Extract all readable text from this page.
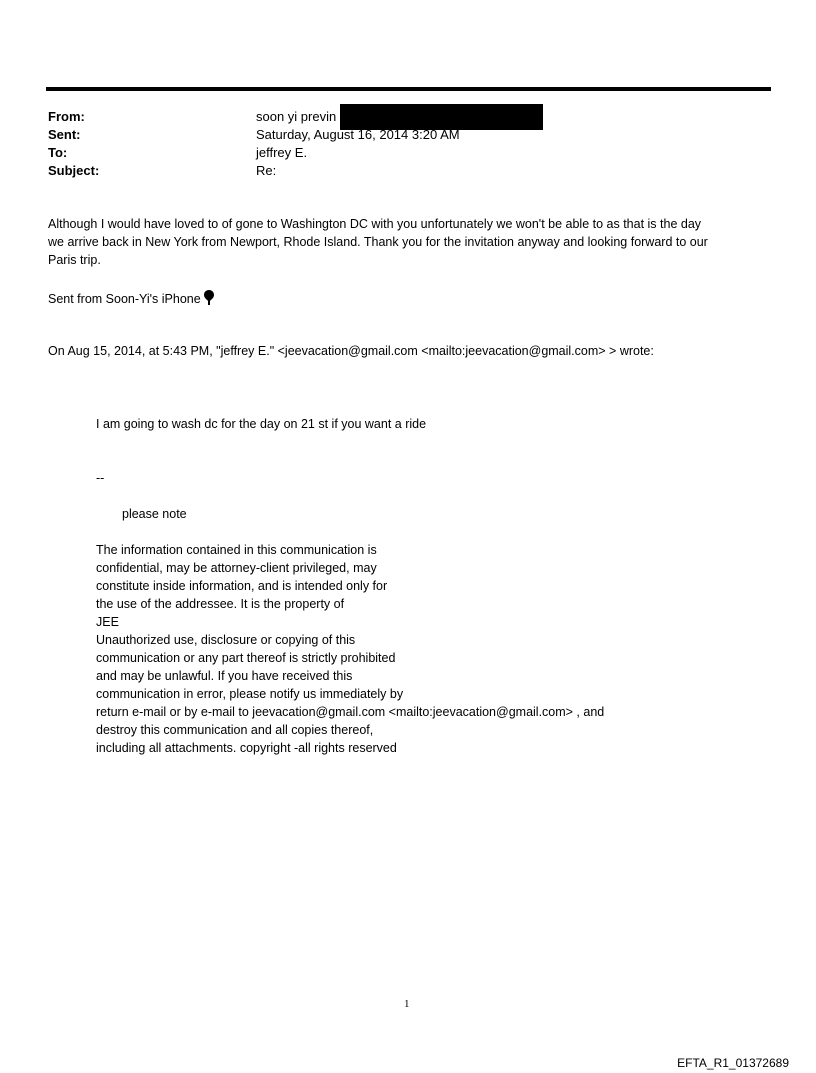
From:	soon yi previn
Sent:	Saturday, August 16, 2014 3:20 AM
To:	jeffrey E.
Subject:	Re:
Although I would have loved to of gone to Washington DC with you unfortunately we won't be able to as that is the day
we arrive back in New York from Newport, Rhode Island. Thank you for the invitation anyway and looking forward to our
Paris trip.
Sent from Soon-Yi's iPhone
On Aug 15, 2014, at 5:43 PM, "jeffrey E." <jeevacation@gmail.com <mailto:jeevacation@gmail.com> > wrote:
I am going to wash dc for the day on 21 st if you want a ride
--
please note
The information contained in this communication is
confidential, may be attorney-client privileged, may
constitute inside information, and is intended only for
the use of the addressee. It is the property of
JEE
Unauthorized use, disclosure or copying of this
communication or any part thereof is strictly prohibited
and may be unlawful. If you have received this
communication in error, please notify us immediately by
return e-mail or by e-mail to jeevacation@gmail.com <mailto:jeevacation@gmail.com> , and
destroy this communication and all copies thereof,
including all attachments. copyright -all rights reserved
1
EFTA_R1_01372689
